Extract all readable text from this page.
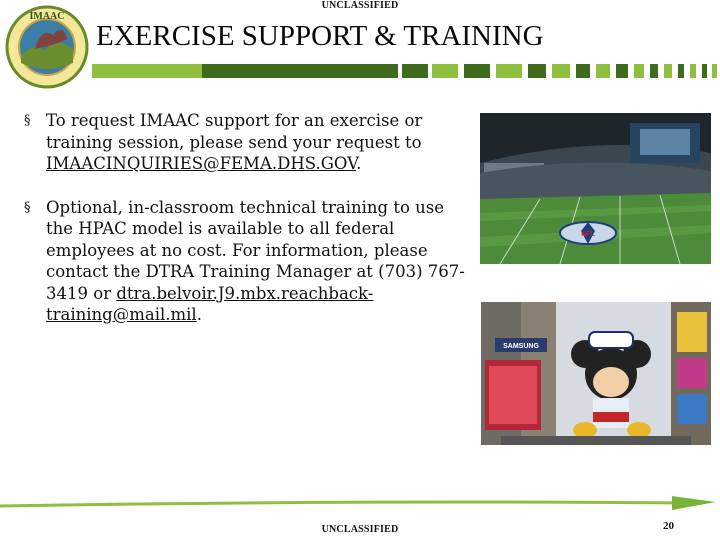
UNCLASSIFIED
IMAAC
EXERCISE SUPPORT & TRAINING
§ To request IMAAC support for an exercise or training session, please send your request to IMAACINQUIRIES@FEMA.DHS.GOV.
§ Optional, in-classroom technical training to use the HPAC model is available to all federal employees at no cost. For information, please contact the DTRA Training Manager at (703) 767-3419 or dtra.belvoir.J9.mbx.reachback-training@mail.mil.
NFL
SAMSUNG
UNCLASSIFIED	20
